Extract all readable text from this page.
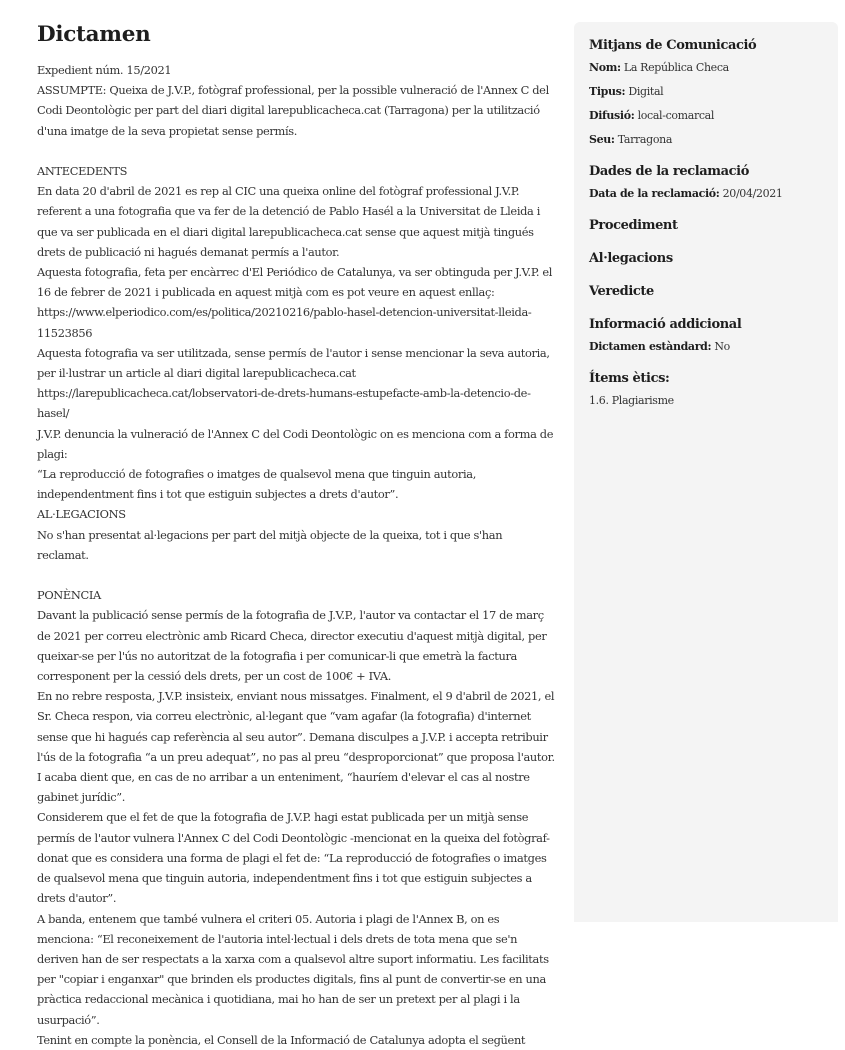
Dictamen

Expedient núm. 15/2021

ASSUMPTE: Queixa de J.V.P., fotògraf professional, per la possible vulneració de l'Annex C del Codi Deontològic per part del diari digital larepublicacheca.cat (Tarragona) per la utilització d'una imatge de la seva propietat sense permís.

ANTECEDENTS

En data 20 d'abril de 2021 es rep al CIC una queixa online del fotògraf professional J.V.P. referent a una fotografia que va fer de la detenció de Pablo Hasél a la Universitat de Lleida i que va ser publicada en el diari digital larepublicacheca.cat sense que aquest mitjà tingués drets de publicació ni hagués demanat permís a l'autor.

Aquesta fotografia, feta per encàrrec d'El Periódico de Catalunya, va ser obtinguda per J.V.P. el 16 de febrer de 2021 i publicada en aquest mitjà com es pot veure en aquest enllaç:

https://www.elperiodico.com/es/politica/20210216/pablo-hasel-detencion-universitat-lleida-11523856

Aquesta fotografia va ser utilitzada, sense permís de l'autor i sense mencionar la seva autoria, per il·lustrar un article al diari digital larepublicacheca.cat

https://larepublicacheca.cat/lobservatori-de-drets-humans-estupefacte-amb-la-detencio-de-hasel/

J.V.P. denuncia la vulneració de l'Annex C del Codi Deontològic on es menciona com a forma de plagi:

“La reproducció de fotografies o imatges de qualsevol mena que tinguin autoria, independentment fins i tot que estiguin subjectes a drets d'autor”.

AL·LEGACIONS

No s'han presentat al·legacions per part del mitjà objecte de la queixa, tot i que s'han reclamat.

PONÈNCIA

Davant la publicació sense permís de la fotografia de J.V.P., l'autor va contactar el 17 de març de 2021 per correu electrònic amb Ricard Checa, director executiu d'aquest mitjà digital, per queixar-se per l'ús no autoritzat de la fotografia i per comunicar-li que emetrà la factura corresponent per la cessió dels drets, per un cost de 100€ + IVA.

En no rebre resposta, J.V.P. insisteix, enviant nous missatges. Finalment, el 9 d'abril de 2021, el Sr. Checa respon, via correu electrònic, al·legant que “vam agafar (la fotografia) d'internet sense que hi hagués cap referència al seu autor”. Demana disculpes a J.V.P. i accepta retribuir l'ús de la fotografia “a un preu adequat”, no pas al preu “desproporcionat” que proposa l'autor. I acaba dient que, en cas de no arribar a un enteniment, “hauríem d'elevar el cas al nostre gabinet jurídic”.

Considerem que el fet de que la fotografia de J.V.P. hagi estat publicada per un mitjà sense permís de l'autor vulnera l'Annex C del Codi Deontològic -mencionat en la queixa del fotògraf- donat que es considera una forma de plagi el fet de: “La reproducció de fotografies o imatges de qualsevol mena que tinguin autoria, independentment fins i tot que estiguin subjectes a drets d'autor”.

A banda, entenem que també vulnera el criteri 05. Autoria i plagi de l'Annex B, on es menciona: “El reconeixement de l'autoria intel·lectual i dels drets de tota mena que se'n deriven han de ser respectats a la xarxa com a qualsevol altre suport informatiu. Les facilitats per "copiar i enganxar" que brinden els productes digitals, fins al punt de convertir-se en una pràctica redaccional mecànica i quotidiana, mai ho han de ser un pretext per al plagi i la usurpació”.

Tenint en compte la ponència, el Consell de la Informació de Catalunya adopta el següent

Mitjans de Comunicació
Nom: La República Checa
Tipus: Digital
Difusió: local-comarcal
Seu: Tarragona
Dades de la reclamació
Data de la reclamació: 20/04/2021
Procediment
Al·legacions
Veredicte
Informació addicional
Dictamen estàndard: No
Ítems ètics:
1.6. Plagiarisme
